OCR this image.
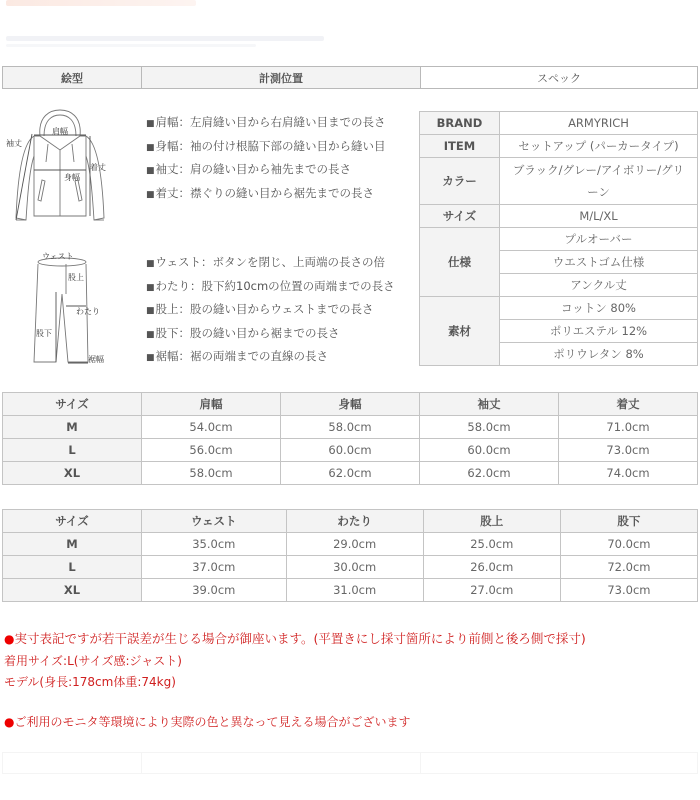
絵型	計測位置	スペック
肩幅
袖丈
身幅
着丈
ウェスト
股上
わたり
股下
裾幅
■肩幅：左肩縫い目から右肩縫い目までの長さ
■身幅：袖の付け根脇下部の縫い目から縫い目
■袖丈：肩の縫い目から袖先までの長さ
■着丈：襟ぐりの縫い目から裾先までの長さ
■ウェスト：ボタンを閉じ、上両端の長さの倍
■わたり：股下約10cmの位置の両端までの長さ
■股上：股の縫い目からウェストまでの長さ
■股下：股の縫い目から裾までの長さ
■裾幅：裾の両端までの直線の長さ
BRAND	ARMYRICH
ITEM	セットアップ (パーカータイプ)
カラー	ブラック/グレー/アイボリー/グリーン
サイズ	M/L/XL
仕様	プルオーバー
	ウエストゴム仕様
	アンクル丈
素材	コットン 80%
	ポリエステル 12%
	ポリウレタン 8%
サイズ	肩幅	身幅	袖丈	着丈
M	54.0cm	58.0cm	58.0cm	71.0cm
L	56.0cm	60.0cm	60.0cm	73.0cm
XL	58.0cm	62.0cm	62.0cm	74.0cm
サイズ	ウェスト	わたり	股上	股下
M	35.0cm	29.0cm	25.0cm	70.0cm
L	37.0cm	30.0cm	26.0cm	72.0cm
XL	39.0cm	31.0cm	27.0cm	73.0cm
●実寸表記ですが若干誤差が生じる場合が御座います。(平置きにし採寸箇所により前側と後ろ側で採寸)
着用サイズ:L(サイズ感:ジャスト)
モデル(身長:178cm体重:74kg)
●ご利用のモニタ等環境により実際の色と異なって見える場合がございます
